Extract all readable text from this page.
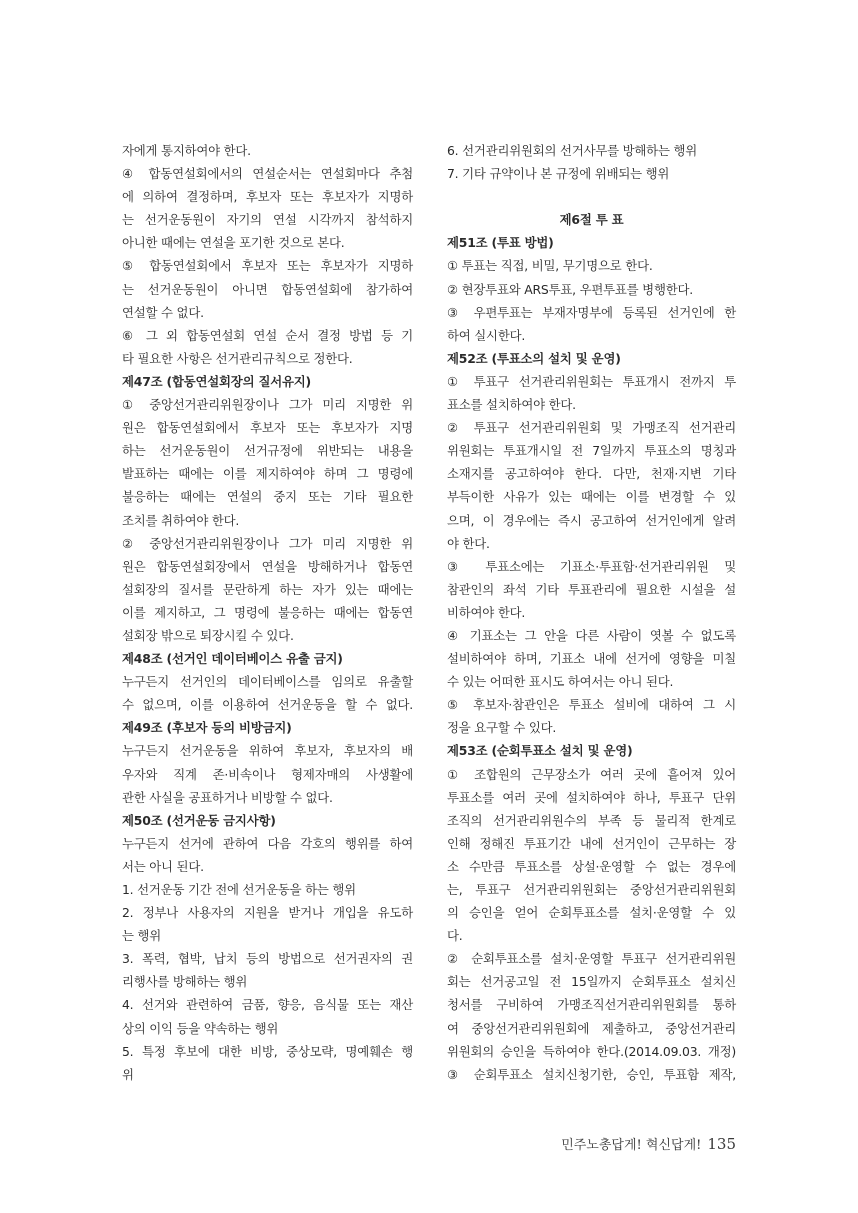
자에게 통지하여야 한다.
④ 합동연설회에서의 연설순서는 연설회마다 추첨
에 의하여 결정하며, 후보자 또는 후보자가 지명하
는 선거운동원이 자기의 연설 시각까지 참석하지
아니한 때에는 연설을 포기한 것으로 본다.
⑤ 합동연설회에서 후보자 또는 후보자가 지명하
는 선거운동원이 아니면 합동연설회에 참가하여
연설할 수 없다.
⑥ 그 외 합동연설회 연설 순서 결정 방법 등 기
타 필요한 사항은 선거관리규칙으로 정한다.
제47조 (합동연설회장의 질서유지)
① 중앙선거관리위원장이나 그가 미리 지명한 위
원은 합동연설회에서 후보자 또는 후보자가 지명
하는 선거운동원이 선거규정에 위반되는 내용을
발표하는 때에는 이를 제지하여야 하며 그 명령에
불응하는 때에는 연설의 중지 또는 기타 필요한
조치를 취하여야 한다.
② 중앙선거관리위원장이나 그가 미리 지명한 위
원은 합동연설회장에서 연설을 방해하거나 합동연
설회장의 질서를 문란하게 하는 자가 있는 때에는
이를 제지하고, 그 명령에 불응하는 때에는 합동연
설회장 밖으로 퇴장시킬 수 있다.
제48조 (선거인 데이터베이스 유출 금지)
누구든지 선거인의 데이터베이스를 임의로 유출할
수 없으며, 이를 이용하여 선거운동을 할 수 없다.
제49조 (후보자 등의 비방금지)
누구든지 선거운동을 위하여 후보자, 후보자의 배
우자와 직계 존·비속이나 형제자매의 사생활에
관한 사실을 공표하거나 비방할 수 없다.
제50조 (선거운동 금지사항)
누구든지 선거에 관하여 다음 각호의 행위를 하여
서는 아니 된다.
1. 선거운동 기간 전에 선거운동을 하는 행위
2. 정부나 사용자의 지원을 받거나 개입을 유도하
는 행위
3. 폭력, 협박, 납치 등의 방법으로 선거권자의 권
리행사를 방해하는 행위
4. 선거와 관련하여 금품, 향응, 음식물 또는 재산
상의 이익 등을 약속하는 행위
5. 특정 후보에 대한 비방, 중상모략, 명예훼손 행
위
6. 선거관리위원회의 선거사무를 방해하는 행위
7. 기타 규약이나 본 규정에 위배되는 행위
제6절 투 표
제51조 (투표 방법)
① 투표는 직접, 비밀, 무기명으로 한다.
② 현장투표와 ARS투표, 우편투표를 병행한다.
③ 우편투표는 부재자명부에 등록된 선거인에 한
하여 실시한다.
제52조 (투표소의 설치 및 운영)
① 투표구 선거관리위원회는 투표개시 전까지 투
표소를 설치하여야 한다.
② 투표구 선거관리위원회 및 가맹조직 선거관리
위원회는 투표개시일 전 7일까지 투표소의 명칭과
소재지를 공고하여야 한다. 다만, 천재·지변 기타
부득이한 사유가 있는 때에는 이를 변경할 수 있
으며, 이 경우에는 즉시 공고하여 선거인에게 알려
야 한다.
③ 투표소에는 기표소·투표함·선거관리위원 및
참관인의 좌석 기타 투표관리에 필요한 시설을 설
비하여야 한다.
④ 기표소는 그 안을 다른 사람이 엿볼 수 없도록
설비하여야 하며, 기표소 내에 선거에 영향을 미칠
수 있는 어떠한 표시도 하여서는 아니 된다.
⑤ 후보자·참관인은 투표소 설비에 대하여 그 시
정을 요구할 수 있다.
제53조 (순회투표소 설치 및 운영)
① 조합원의 근무장소가 여러 곳에 흩어져 있어
투표소를 여러 곳에 설치하여야 하나, 투표구 단위
조직의 선거관리위원수의 부족 등 물리적 한계로
인해 정해진 투표기간 내에 선거인이 근무하는 장
소 수만큼 투표소를 상설·운영할 수 없는 경우에
는, 투표구 선거관리위원회는 중앙선거관리위원회
의 승인을 얻어 순회투표소를 설치·운영할 수 있
다.
② 순회투표소를 설치·운영할 투표구 선거관리위원
회는 선거공고일 전 15일까지 순회투표소 설치신
청서를 구비하여 가맹조직선거관리위원회를 통하
여 중앙선거관리위원회에 제출하고, 중앙선거관리
위원회의 승인을 득하여야 한다.(2014.09.03. 개정)
③ 순회투표소 설치신청기한, 승인, 투표함 제작,
민주노총답게! 혁신답게! 135
